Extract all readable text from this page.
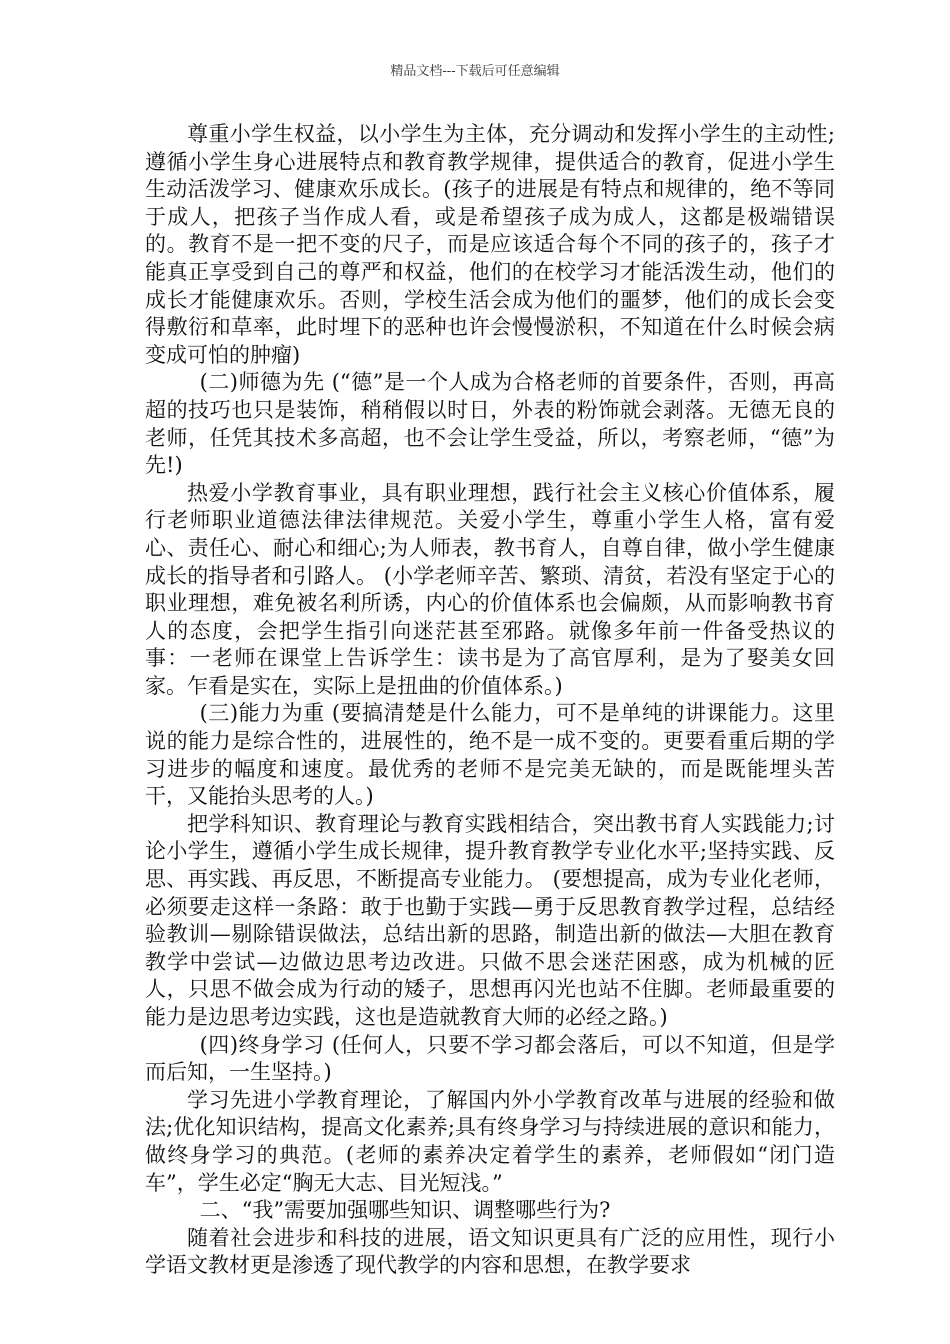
精品文档---下载后可任意编辑

尊重小学生权益，以小学生为主体，充分调动和发挥小学生的主动性;遵循小学生身心进展特点和教育教学规律，提供适合的教育，促进小学生生动活泼学习、健康欢乐成长。(孩子的进展是有特点和规律的，绝不等同于成人，把孩子当作成人看，或是希望孩子成为成人，这都是极端错误的。教育不是一把不变的尺子，而是应该适合每个不同的孩子的，孩子才能真正享受到自己的尊严和权益，他们的在校学习才能活泼生动，他们的成长才能健康欢乐。否则，学校生活会成为他们的噩梦，他们的成长会变得敷衍和草率，此时埋下的恶种也许会慢慢淤积，不知道在什么时候会病变成可怕的肿瘤)

(二)师德为先 (“德”是一个人成为合格老师的首要条件，否则，再高超的技巧也只是装饰，稍稍假以时日，外表的粉饰就会剥落。无德无良的老师，任凭其技术多高超，也不会让学生受益，所以，考察老师，“德”为先!)

热爱小学教育事业，具有职业理想，践行社会主义核心价值体系，履行老师职业道德法律法律规范。关爱小学生，尊重小学生人格，富有爱心、责任心、耐心和细心;为人师表，教书育人，自尊自律，做小学生健康成长的指导者和引路人。 (小学老师辛苦、繁琐、清贫，若没有坚定于心的职业理想，难免被名利所诱，内心的价值体系也会偏颇，从而影响教书育人的态度，会把学生指引向迷茫甚至邪路。就像多年前一件备受热议的事：一老师在课堂上告诉学生：读书是为了高官厚利，是为了娶美女回家。乍看是实在，实际上是扭曲的价值体系。)

(三)能力为重 (要搞清楚是什么能力，可不是单纯的讲课能力。这里说的能力是综合性的，进展性的，绝不是一成不变的。更要看重后期的学习进步的幅度和速度。最优秀的老师不是完美无缺的，而是既能埋头苦干，又能抬头思考的人。)

把学科知识、教育理论与教育实践相结合，突出教书育人实践能力;讨论小学生，遵循小学生成长规律，提升教育教学专业化水平;坚持实践、反思、再实践、再反思，不断提高专业能力。 (要想提高，成为专业化老师，必须要走这样一条路：敢于也勤于实践—勇于反思教育教学过程，总结经验教训—剔除错误做法，总结出新的思路，制造出新的做法—大胆在教育教学中尝试—边做边思考边改进。只做不思会迷茫困惑，成为机械的匠人，只思不做会成为行动的矮子，思想再闪光也站不住脚。老师最重要的能力是边思考边实践，这也是造就教育大师的必经之路。)

(四)终身学习 (任何人，只要不学习都会落后，可以不知道，但是学而后知，一生坚持。)

学习先进小学教育理论，了解国内外小学教育改革与进展的经验和做法;优化知识结构，提高文化素养;具有终身学习与持续进展的意识和能力，做终身学习的典范。(老师的素养决定着学生的素养，老师假如“闭门造车”，学生必定“胸无大志、目光短浅。”

二、“我”需要加强哪些知识、调整哪些行为?

随着社会进步和科技的进展，语文知识更具有广泛的应用性，现行小学语文教材更是渗透了现代教学的内容和思想，在教学要求
